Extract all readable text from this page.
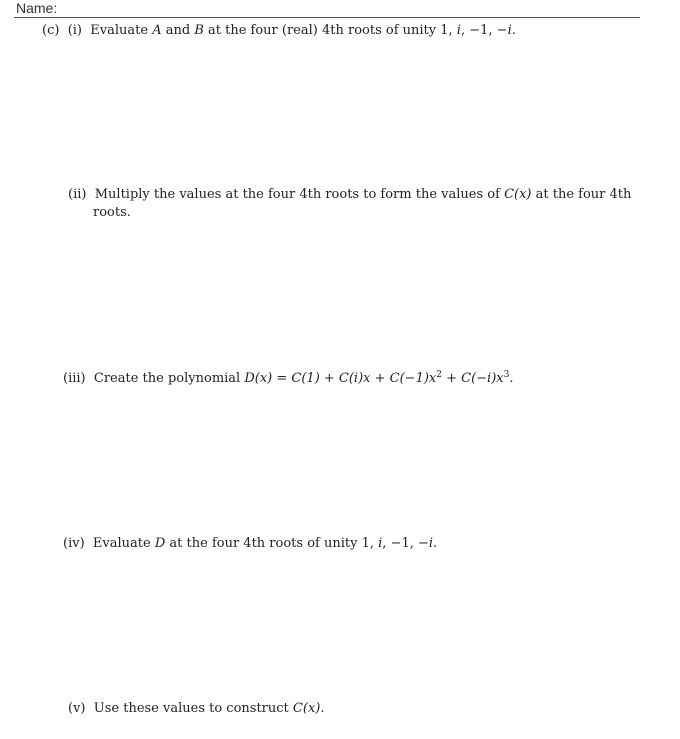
Name:
(c) (i) Evaluate A and B at the four (real) 4th roots of unity 1, i, −1, −i.
(ii) Multiply the values at the four 4th roots to form the values of C(x) at the four 4th
roots.
(iii) Create the polynomial $D(x) = C(1) + C(i)x + C(-1)x^2 + C(-i)x^3$.
(iv) Evaluate D at the four 4th roots of unity 1, i, −1, −i.
(v) Use these values to construct C(x).
